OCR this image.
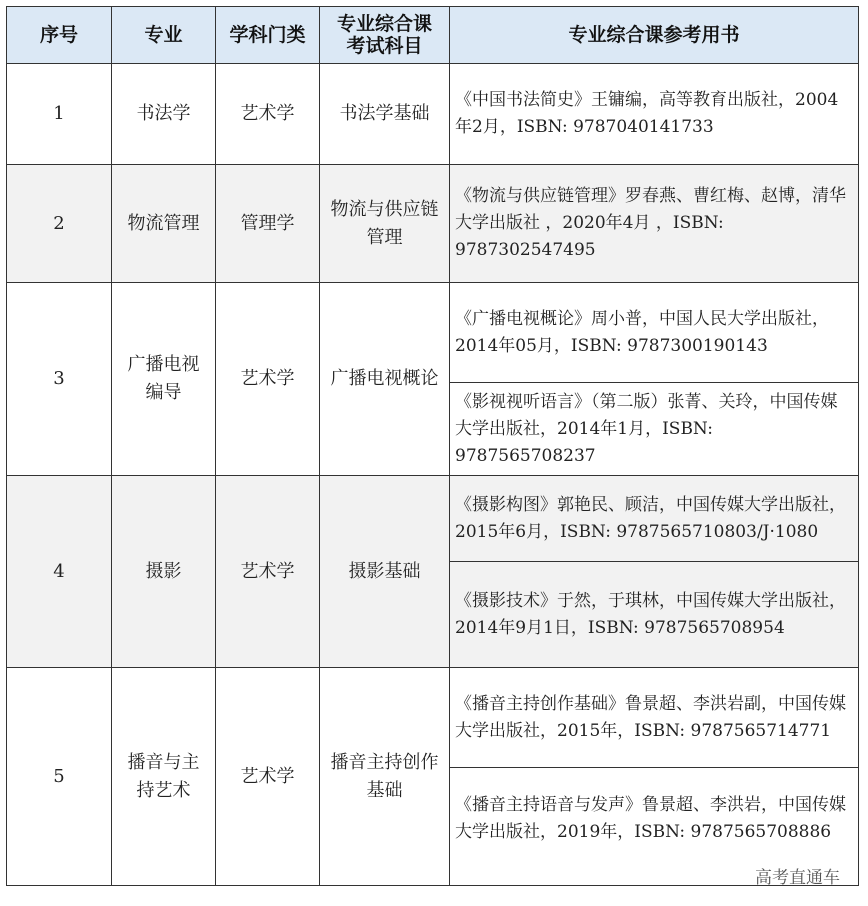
序号	专业	学科门类	专业综合课考试科目	专业综合课参考用书
1	书法学	艺术学	书法学基础	《中国书法简史》王镛编，高等教育出版社，2004年2月，ISBN: 9787040141733
2	物流管理	管理学	物流与供应链管理	《物流与供应链管理》罗春燕、曹红梅、赵博，清华大学出版社 ，2020年4月 ，ISBN: 9787302547495
3	广播电视编导	艺术学	广播电视概论	《广播电视概论》周小普，中国人民大学出版社，2014年05月，ISBN: 9787300190143
				《影视视听语言》（第二版）张菁、关玲，中国传媒大学出版社，2014年1月，ISBN: 9787565708237
4	摄影	艺术学	摄影基础	《摄影构图》郭艳民、顾洁，中国传媒大学出版社，2015年6月，ISBN: 9787565710803/J·1080
				《摄影技术》于然，于琪林，中国传媒大学出版社，2014年9月1日，ISBN: 9787565708954
5	播音与主持艺术	艺术学	播音主持创作基础	《播音主持创作基础》鲁景超、李洪岩副，中国传媒大学出版社，2015年，ISBN: 9787565714771
				《播音主持语音与发声》鲁景超、李洪岩，中国传媒大学出版社，2019年，ISBN: 9787565708886
高考直通车
